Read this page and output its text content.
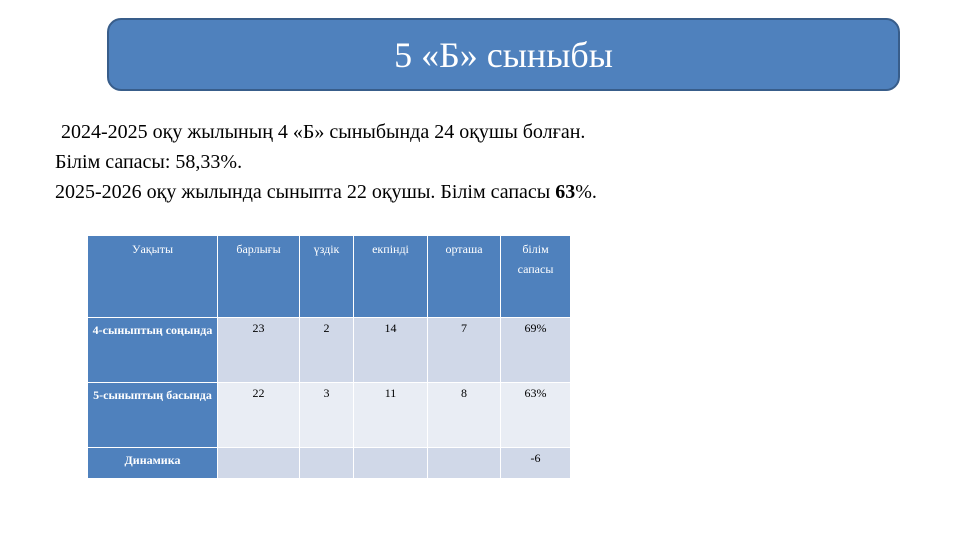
5 «Б» сыныбы
2024-2025 оқу жылының 4 «Б» сыныбында 24 оқушы болған.
Білім сапасы: 58,33%.
2025-2026 оқу жылында сыныпта 22 оқушы. Білім сапасы 63%.
Уақыты	барлығы	үздік	екпінді	орташа	білім сапасы
4-сыныптың соңында	23	2	14	7	69%
5-сыныптың басында	22	3	11	8	63%
Динамика					-6
